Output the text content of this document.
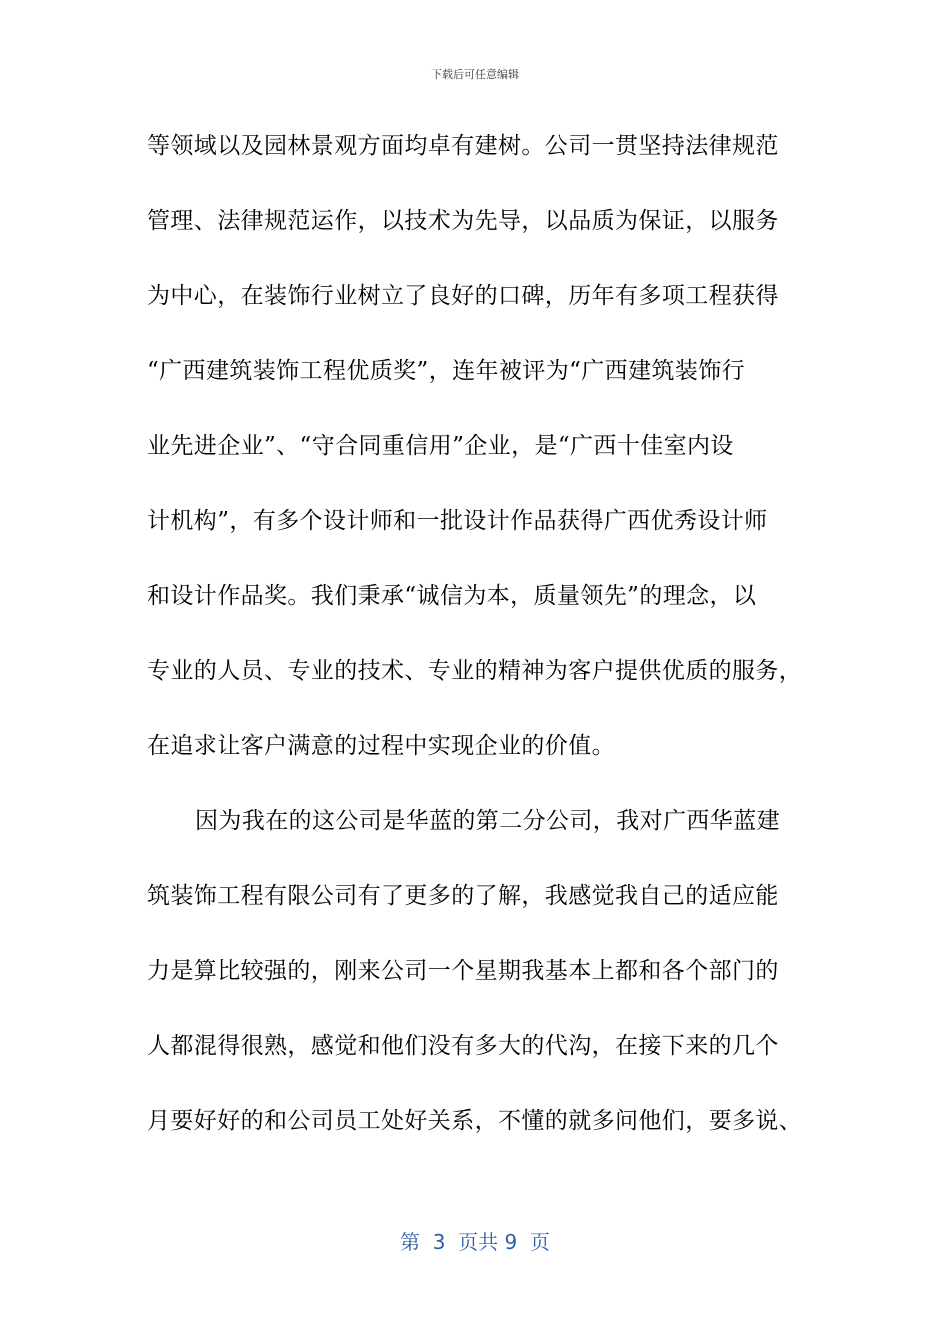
下载后可任意编辑
等领域以及园林景观方面均卓有建树。公司一贯坚持法律规范
管理、法律规范运作，以技术为先导，以品质为保证，以服务
为中心，在装饰行业树立了良好的口碑，历年有多项工程获得
“广西建筑装饰工程优质奖”，连年被评为“广西建筑装饰行
业先进企业”、“守合同重信用”企业，是“广西十佳室内设
计机构”，有多个设计师和一批设计作品获得广西优秀设计师
和设计作品奖。我们秉承“诚信为本，质量领先”的理念，以
专业的人员、专业的技术、专业的精神为客户提供优质的服务，
在追求让客户满意的过程中实现企业的价值。
因为我在的这公司是华蓝的第二分公司，我对广西华蓝建
筑装饰工程有限公司有了更多的了解，我感觉我自己的适应能
力是算比较强的，刚来公司一个星期我基本上都和各个部门的
人都混得很熟，感觉和他们没有多大的代沟，在接下来的几个
月要好好的和公司员工处好关系，不懂的就多问他们，要多说、
第  3  页共 9  页
